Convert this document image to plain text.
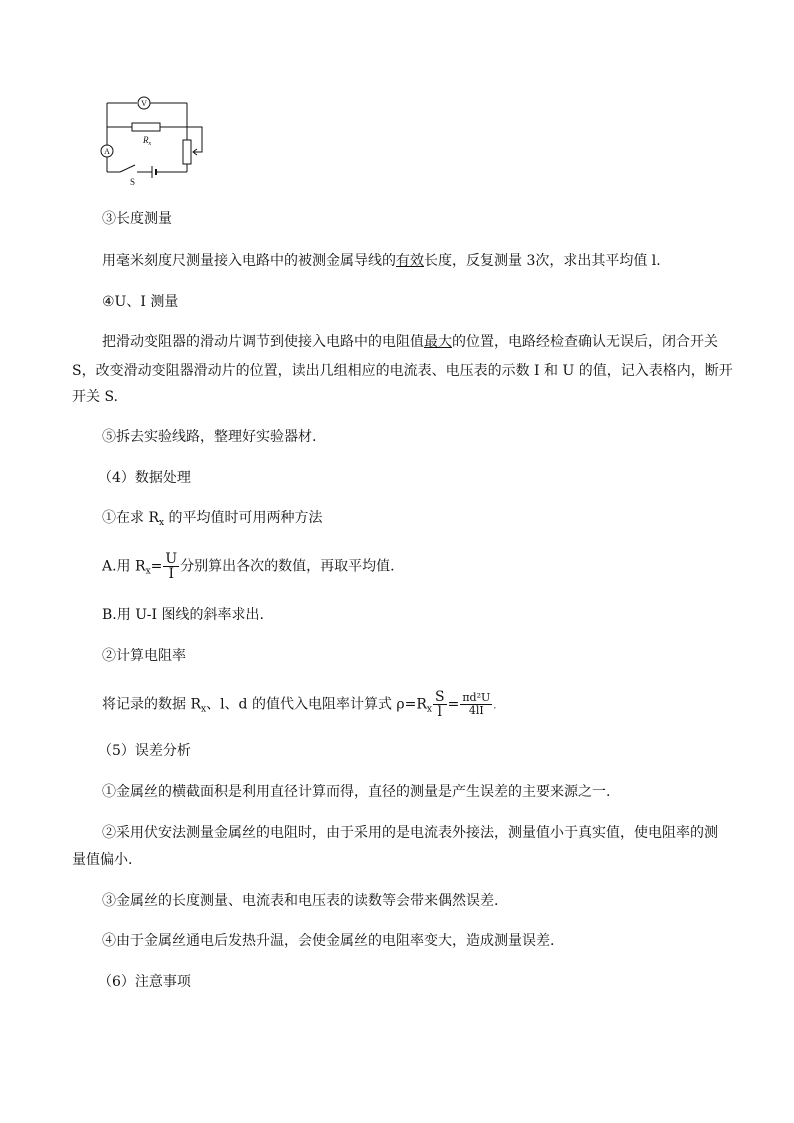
V
A
$R_x$
S
③长度测量
用毫米刻度尺测量接入电路中的被测金属导线的有效长度，反复测量 3次，求出其平均值 l.
④U、I 测量
把滑动变阻器的滑动片调节到使接入电路中的电阻值最大的位置，电路经检查确认无误后，闭合开关
S，改变滑动变阻器滑动片的位置，读出几组相应的电流表、电压表的示数 I 和 U 的值，记入表格内，断开
开关 S.
⑤拆去实验线路，整理好实验器材.
（4）数据处理
①在求 $R_x$ 的平均值时可用两种方法
A.用 $R_x= \frac{U}{I}$ 分别算出各次的数值，再取平均值.
B.用 U-I 图线的斜率求出.
②计算电阻率
将记录的数据 $R_x$、l、d 的值代入电阻率计算式 $\rho=R_x \frac{S}{l} = \frac{\text{πd²U}}{4lI}$ .
（5）误差分析
①金属丝的横截面积是利用直径计算而得，直径的测量是产生误差的主要来源之一.
②采用伏安法测量金属丝的电阻时，由于采用的是电流表外接法，测量值小于真实值，使电阻率的测
量值偏小.
③金属丝的长度测量、电流表和电压表的读数等会带来偶然误差.
④由于金属丝通电后发热升温，会使金属丝的电阻率变大，造成测量误差.
（6）注意事项
